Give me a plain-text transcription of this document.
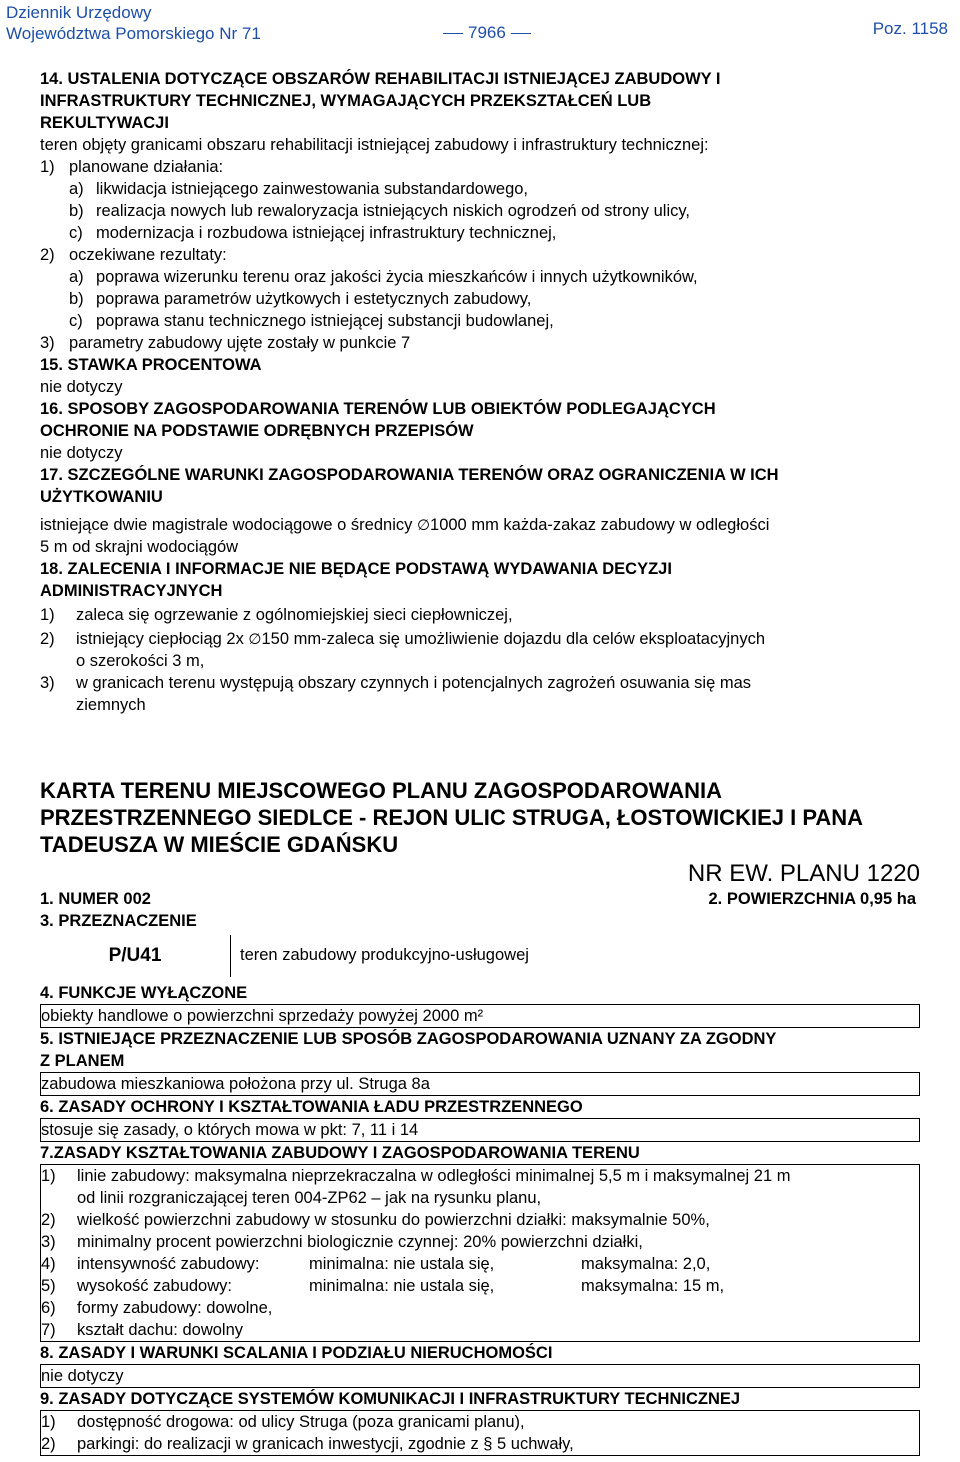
Dziennik Urzędowy
Województwa Pomorskiego Nr 71	7966	Poz. 1158
14. USTALENIA DOTYCZĄCE OBSZARÓW REHABILITACJI ISTNIEJĄCEJ ZABUDOWY I
INFRASTRUKTURY TECHNICZNEJ, WYMAGAJĄCYCH PRZEKSZTAŁCEŃ LUB
REKULTYWACJI
teren objęty granicami obszaru rehabilitacji istniejącej zabudowy i infrastruktury technicznej:
1) planowane działania:
a) likwidacja istniejącego zainwestowania substandardowego,
b) realizacja nowych lub rewaloryzacja istniejących niskich ogrodzeń od strony ulicy,
c) modernizacja i rozbudowa istniejącej infrastruktury technicznej,
2) oczekiwane rezultaty:
a) poprawa wizerunku terenu oraz jakości życia mieszkańców i innych użytkowników,
b) poprawa parametrów użytkowych i estetycznych zabudowy,
c) poprawa stanu technicznego istniejącej substancji budowlanej,
3) parametry zabudowy ujęte zostały w punkcie 7
15. STAWKA PROCENTOWA
nie dotyczy
16. SPOSOBY ZAGOSPODAROWANIA TERENÓW LUB OBIEKTÓW PODLEGAJĄCYCH
OCHRONIE NA PODSTAWIE ODRĘBNYCH PRZEPISÓW
nie dotyczy
17. SZCZEGÓLNE WARUNKI ZAGOSPODAROWANIA TERENÓW ORAZ OGRANICZENIA W ICH
UŻYTKOWANIU
istniejące dwie magistrale wodociągowe o średnicy ∅1000 mm każda-zakaz zabudowy w odległości
5 m od skrajni wodociągów
18. ZALECENIA I INFORMACJE NIE BĘDĄCE PODSTAWĄ WYDAWANIA DECYZJI
ADMINISTRACYJNYCH
1) zaleca się ogrzewanie z ogólnomiejskiej sieci ciepłowniczej,
2) istniejący ciepłociąg 2x ∅150 mm-zaleca się umożliwienie dojazdu dla celów eksploatacyjnych
o szerokości 3 m,
3) w granicach terenu występują obszary czynnych i potencjalnych zagrożeń osuwania się mas
ziemnych
KARTA TERENU MIEJSCOWEGO PLANU ZAGOSPODAROWANIA
PRZESTRZENNEGO SIEDLCE - REJON ULIC STRUGA, ŁOSTOWICKIEJ I PANA
TADEUSZA W MIEŚCIE GDAŃSKU
NR EW. PLANU 1220
1. NUMER 002	2. POWIERZCHNIA 0,95 ha
3. PRZEZNACZENIE
P/U41	teren zabudowy produkcyjno-usługowej
4. FUNKCJE WYŁĄCZONE
obiekty handlowe o powierzchni sprzedaży powyżej 2000 m²
5. ISTNIEJĄCE PRZEZNACZENIE LUB SPOSÓB ZAGOSPODAROWANIA UZNANY ZA ZGODNY
Z PLANEM
zabudowa mieszkaniowa położona przy ul. Struga 8a
6. ZASADY OCHRONY I KSZTAŁTOWANIA ŁADU PRZESTRZENNEGO
stosuje się zasady, o których mowa w pkt: 7, 11 i 14
7.ZASADY KSZTAŁTOWANIA ZABUDOWY I ZAGOSPODAROWANIA TERENU
1) linie zabudowy: maksymalna nieprzekraczalna w odległości minimalnej 5,5 m i maksymalnej 21 m
od linii rozgraniczającej teren 004-ZP62 – jak na rysunku planu,
2) wielkość powierzchni zabudowy w stosunku do powierzchni działki: maksymalnie 50%,
3) minimalny procent powierzchni biologicznie czynnej: 20% powierzchni działki,
4) intensywność zabudowy:	minimalna: nie ustala się,	maksymalna: 2,0,
5) wysokość zabudowy:	minimalna: nie ustala się,	maksymalna: 15 m,
6) formy zabudowy: dowolne,
7) kształt dachu: dowolny
8. ZASADY I WARUNKI SCALANIA I PODZIAŁU NIERUCHOMOŚCI
nie dotyczy
9. ZASADY DOTYCZĄCE SYSTEMÓW KOMUNIKACJI I INFRASTRUKTURY TECHNICZNEJ
1) dostępność drogowa: od ulicy Struga (poza granicami planu),
2) parkingi: do realizacji w granicach inwestycji, zgodnie z § 5 uchwały,
